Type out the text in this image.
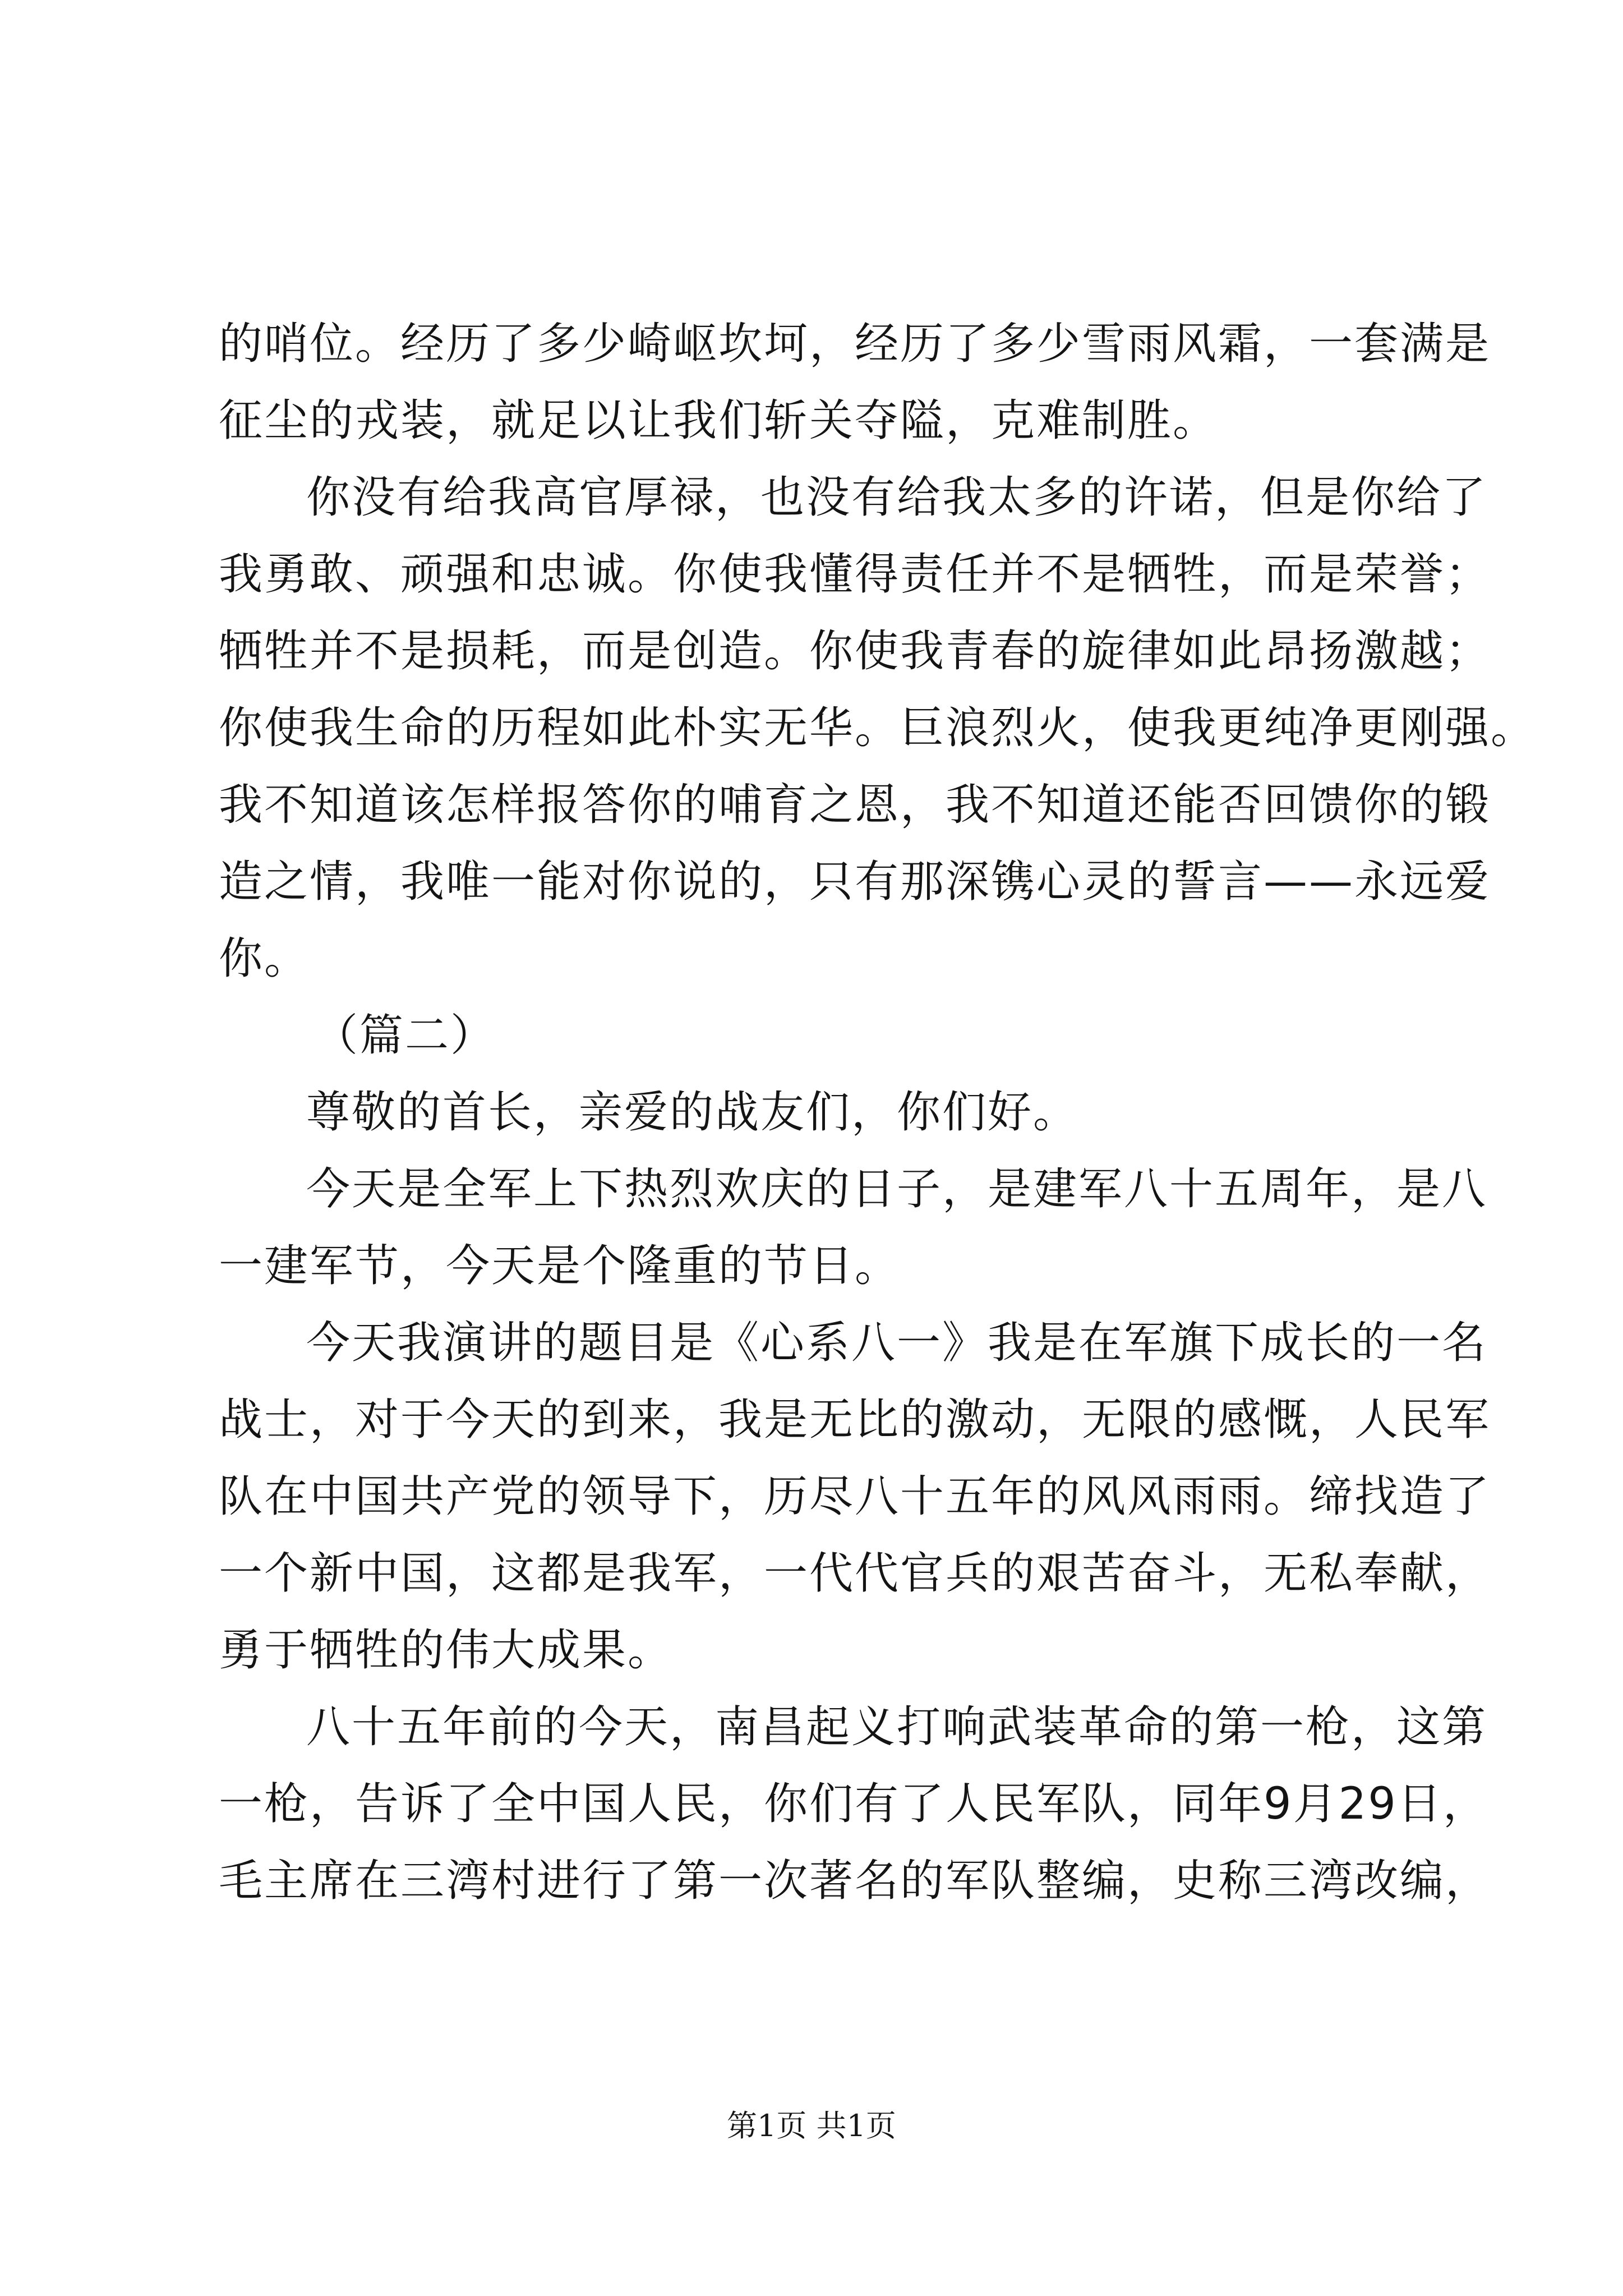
的哨位。经历了多少崎岖坎坷，经历了多少雪雨风霜，一套满是
征尘的戎装，就足以让我们斩关夺隘，克难制胜。
你没有给我高官厚禄，也没有给我太多的许诺，但是你给了
我勇敢、顽强和忠诚。你使我懂得责任并不是牺牲，而是荣誉；
牺牲并不是损耗，而是创造。你使我青春的旋律如此昂扬激越；
你使我生命的历程如此朴实无华。巨浪烈火，使我更纯净更刚强。
我不知道该怎样报答你的哺育之恩，我不知道还能否回馈你的锻
造之情，我唯一能对你说的，只有那深镌心灵的誓言——永远爱
你。
（篇二）
尊敬的首长，亲爱的战友们，你们好。
今天是全军上下热烈欢庆的日子，是建军八十五周年，是八
一建军节，今天是个隆重的节日。
今天我演讲的题目是《心系八一》我是在军旗下成长的一名
战士，对于今天的到来，我是无比的激动，无限的感慨，人民军
队在中国共产党的领导下，历尽八十五年的风风雨雨。缔找造了
一个新中国，这都是我军，一代代官兵的艰苦奋斗，无私奉献，
勇于牺牲的伟大成果。
八十五年前的今天，南昌起义打响武装革命的第一枪，这第
一枪，告诉了全中国人民，你们有了人民军队，同年9月29日，
毛主席在三湾村进行了第一次著名的军队整编，史称三湾改编，
第1页 共1页
